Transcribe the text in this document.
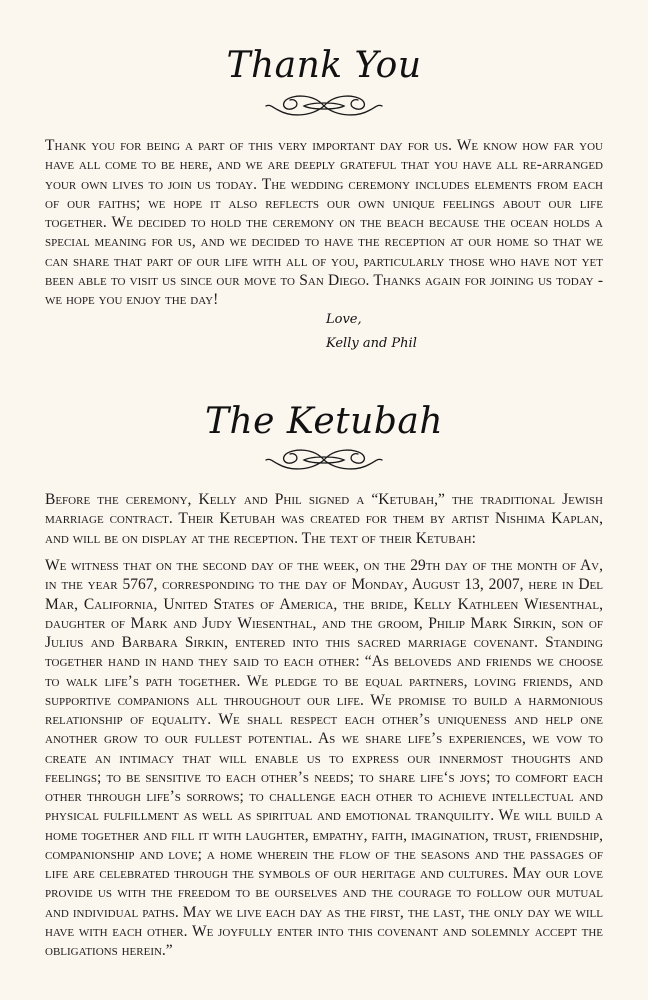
Thank You

Thank you for being a part of this very important day for us. We know how far you have all come to be here, and we are deeply grateful that you have all re-arranged your own lives to join us today. The wedding ceremony includes elements from each of our faiths; we hope it also reflects our own unique feelings about our life together. We decided to hold the ceremony on the beach because the ocean holds a special meaning for us, and we decided to have the reception at our home so that we can share that part of our life with all of you, particularly those who have not yet been able to visit us since our move to San Diego. Thanks again for joining us today - we hope you enjoy the day!

Love,
Kelly and Phil
The Ketubah

Before the ceremony, Kelly and Phil signed a “Ketubah,” the traditional Jewish marriage contract. Their Ketubah was created for them by artist Nishima Kaplan, and will be on display at the reception. The text of their Ketubah:

We witness that on the second day of the week, on the 29th day of the month of Av, in the year 5767, corresponding to the day of Monday, August 13, 2007, here in Del Mar, California, United States of America, the bride, Kelly Kathleen Wiesenthal, daughter of Mark and Judy Wiesenthal, and the groom, Philip Mark Sirkin, son of Julius and Barbara Sirkin, entered into this sacred marriage covenant. Standing together hand in hand they said to each other: “As beloveds and friends we choose to walk life’s path together. We pledge to be equal partners, loving friends, and supportive companions all throughout our life. We promise to build a harmonious relationship of equality. We shall respect each other’s uniqueness and help one another grow to our fullest potential. As we share life’s experiences, we vow to create an intimacy that will enable us to express our innermost thoughts and feelings; to be sensitive to each other’s needs; to share life‘s joys; to comfort each other through life’s sorrows; to challenge each other to achieve intellectual and physical fulfillment as well as spiritual and emotional tranquility. We will build a home together and fill it with laughter, empathy, faith, imagination, trust, friendship, companionship and love; a home wherein the flow of the seasons and the passages of life are celebrated through the symbols of our heritage and cultures. May our love provide us with the freedom to be ourselves and the courage to follow our mutual and individual paths. May we live each day as the first, the last, the only day we will have with each other. We joyfully enter into this covenant and solemnly accept the obligations herein.”
